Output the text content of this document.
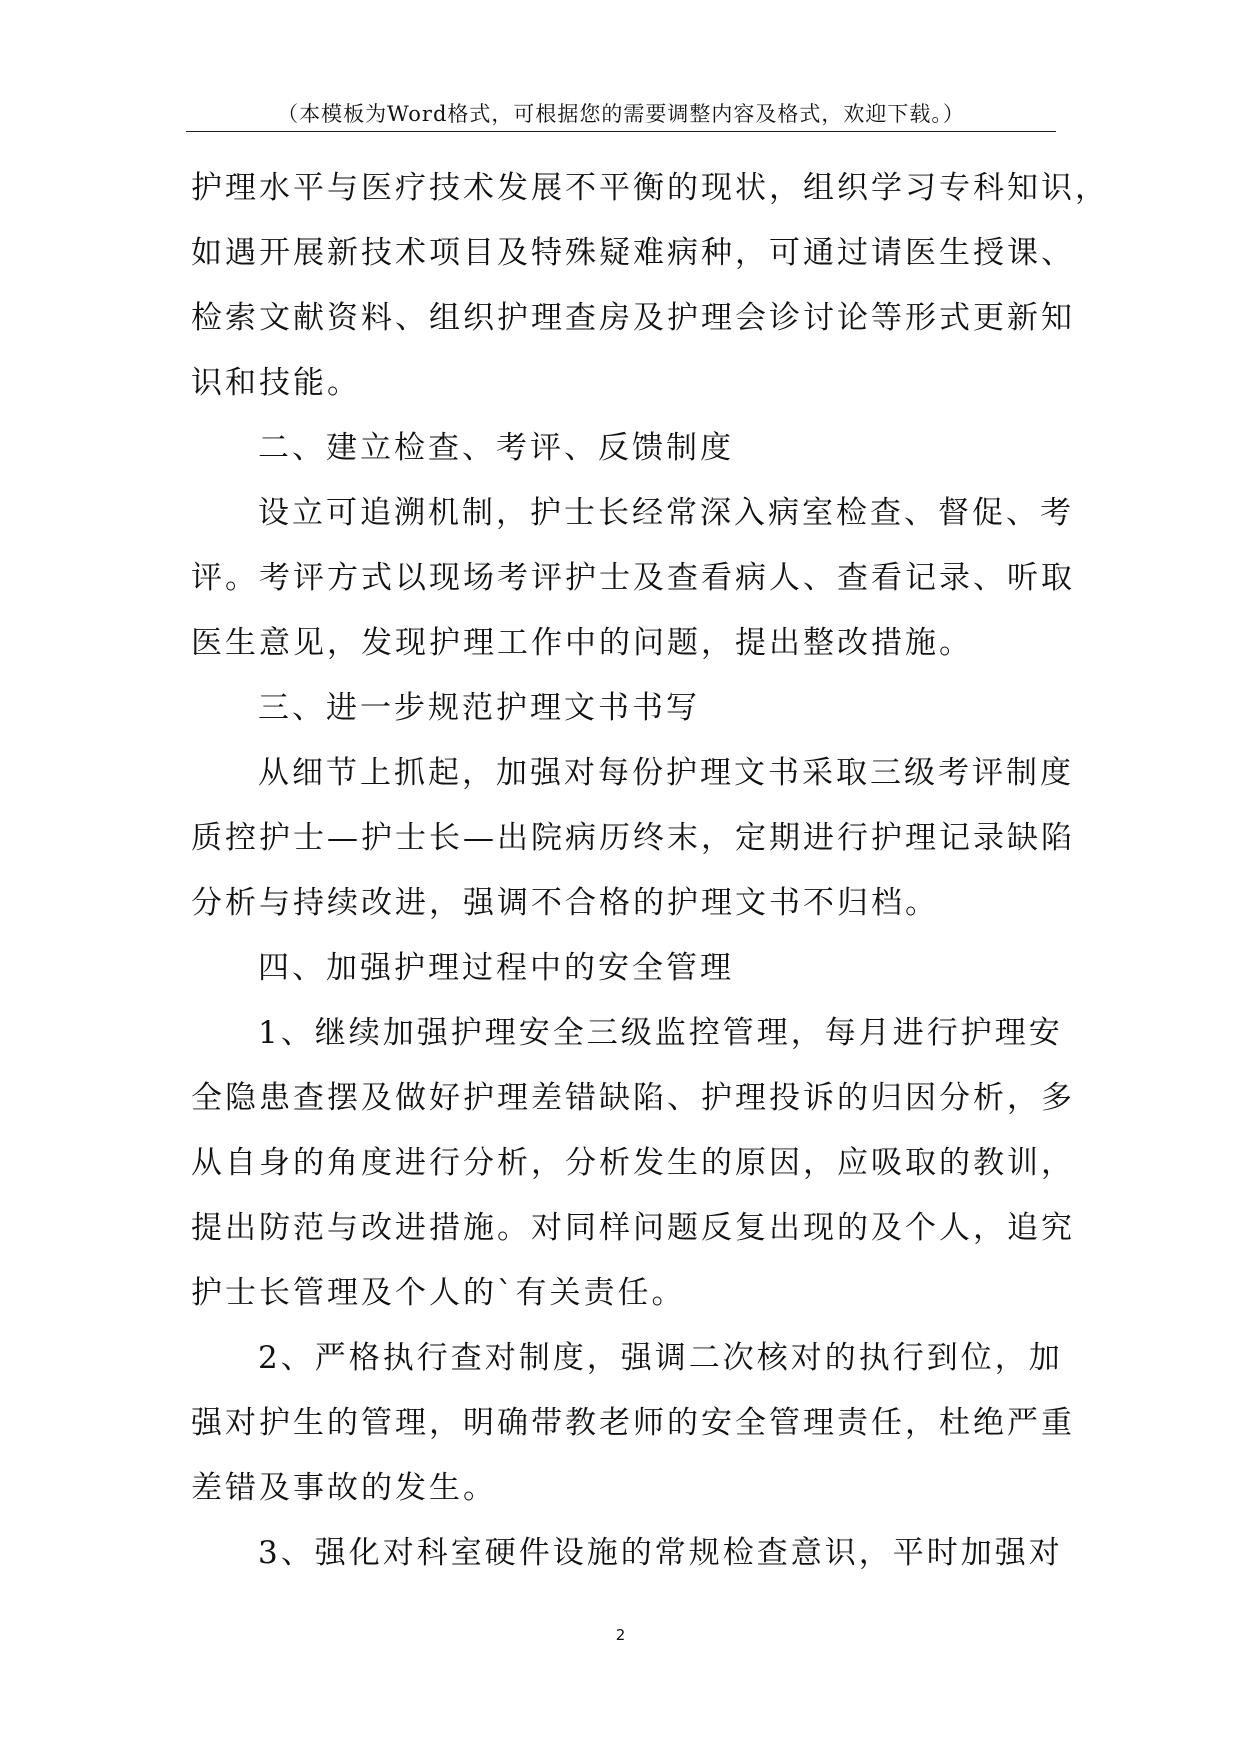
（本模板为Word格式，可根据您的需要调整内容及格式，欢迎下载。）
护理水平与医疗技术发展不平衡的现状，组织学习专科知识，
如遇开展新技术项目及特殊疑难病种，可通过请医生授课、
检索文献资料、组织护理查房及护理会诊讨论等形式更新知
识和技能。
二、建立检查、考评、反馈制度
设立可追溯机制，护士长经常深入病室检查、督促、考
评。考评方式以现场考评护士及查看病人、查看记录、听取
医生意见，发现护理工作中的问题，提出整改措施。
三、进一步规范护理文书书写
从细节上抓起，加强对每份护理文书采取三级考评制度
质控护士—护士长—出院病历终末，定期进行护理记录缺陷
分析与持续改进，强调不合格的护理文书不归档。
四、加强护理过程中的安全管理
1、继续加强护理安全三级监控管理，每月进行护理安
全隐患查摆及做好护理差错缺陷、护理投诉的归因分析，多
从自身的角度进行分析，分析发生的原因，应吸取的教训，
提出防范与改进措施。对同样问题反复出现的及个人，追究
护士长管理及个人的`有关责任。
2、严格执行查对制度，强调二次核对的执行到位，加
强对护生的管理，明确带教老师的安全管理责任，杜绝严重
差错及事故的发生。
3、强化对科室硬件设施的常规检查意识，平时加强对
2
